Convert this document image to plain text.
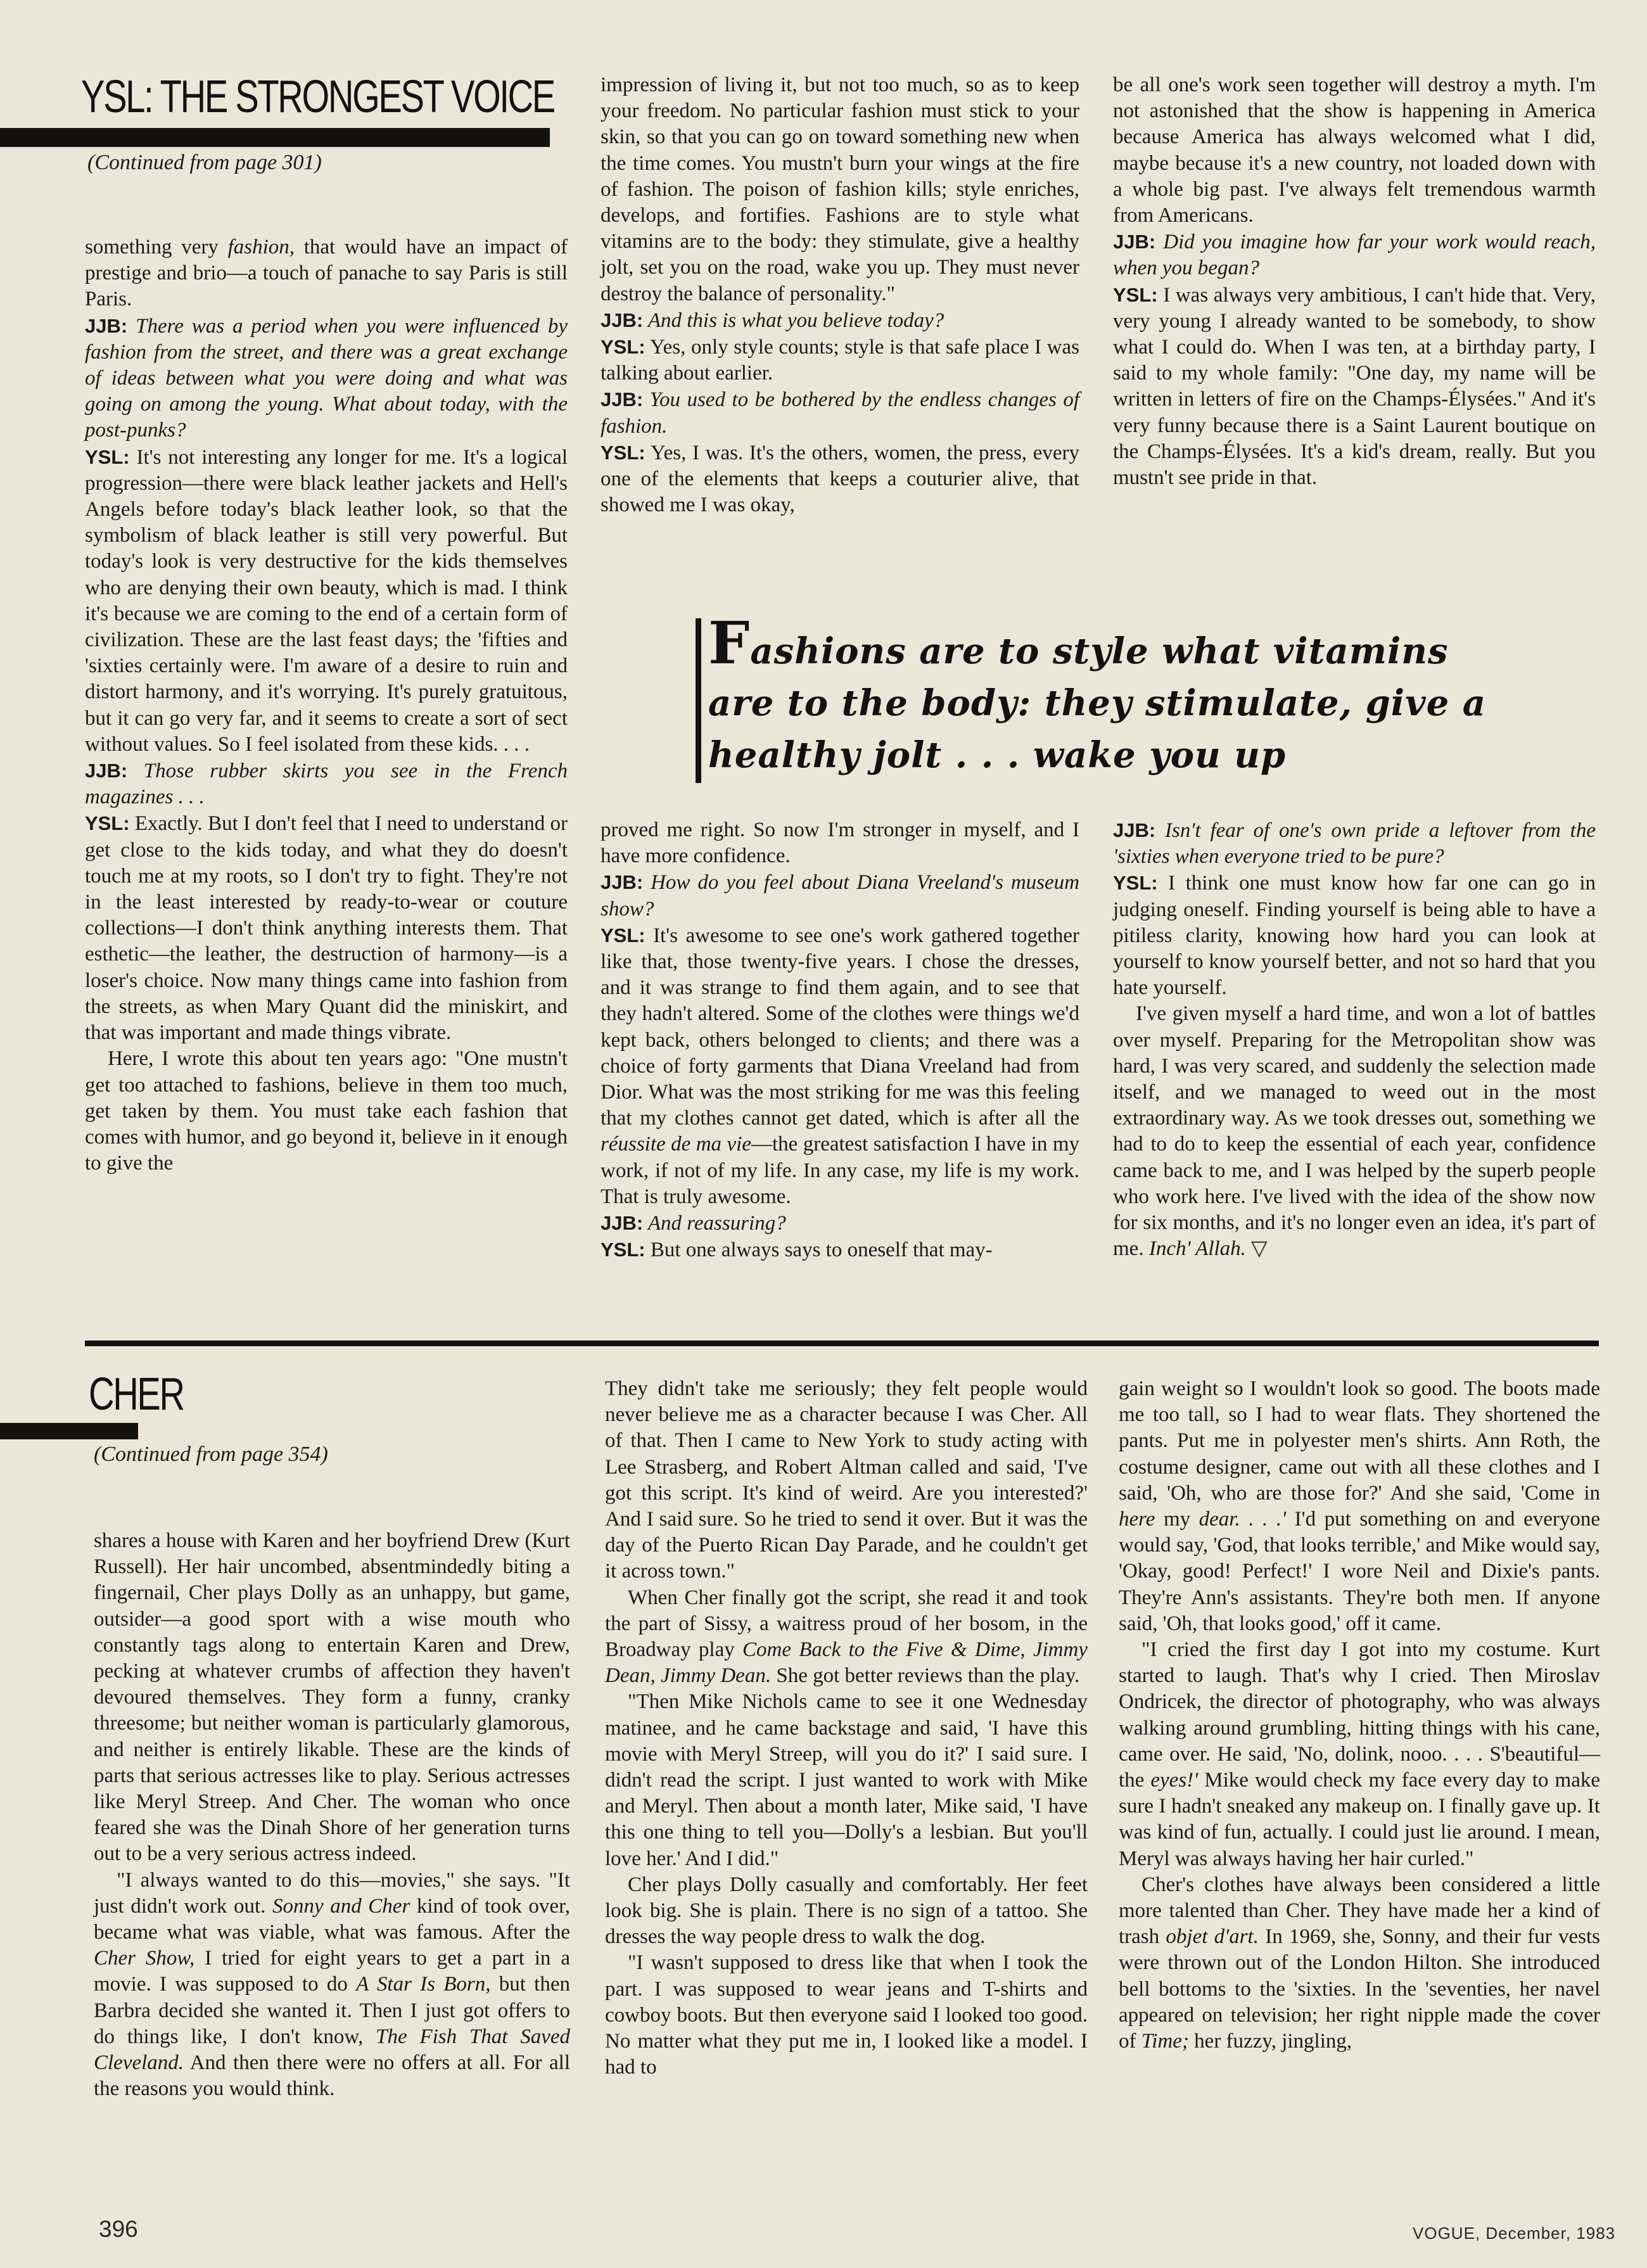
YSL: THE STRONGEST VOICE
(Continued from page 301)

something very fashion, that would have an impact of prestige and brio—a touch of panache to say Paris is still Paris.

JJB: There was a period when you were influenced by fashion from the street, and there was a great exchange of ideas between what you were doing and what was going on among the young. What about today, with the post-punks?

YSL: It's not interesting any longer for me. It's a logical progression—there were black leather jackets and Hell's Angels before today's black leather look, so that the symbolism of black leather is still very powerful. But today's look is very destructive for the kids themselves who are denying their own beauty, which is mad. I think it's because we are coming to the end of a certain form of civilization. These are the last feast days; the 'fifties and 'sixties certainly were. I'm aware of a desire to ruin and distort harmony, and it's worrying. It's purely gratuitous, but it can go very far, and it seems to create a sort of sect without values. So I feel isolated from these kids. . . .

JJB: Those rubber skirts you see in the French magazines . . .

YSL: Exactly. But I don't feel that I need to understand or get close to the kids today, and what they do doesn't touch me at my roots, so I don't try to fight. They're not in the least interested by ready-to-wear or couture collections—I don't think anything interests them. That esthetic—the leather, the destruction of harmony—is a loser's choice. Now many things came into fashion from the streets, as when Mary Quant did the miniskirt, and that was important and made things vibrate.

Here, I wrote this about ten years ago: "One mustn't get too attached to fashions, believe in them too much, get taken by them. You must take each fashion that comes with humor, and go beyond it, believe in it enough to give the

impression of living it, but not too much, so as to keep your freedom. No particular fashion must stick to your skin, so that you can go on toward something new when the time comes. You mustn't burn your wings at the fire of fashion. The poison of fashion kills; style enriches, develops, and fortifies. Fashions are to style what vitamins are to the body: they stimulate, give a healthy jolt, set you on the road, wake you up. They must never destroy the balance of personality."

JJB: And this is what you believe today?

YSL: Yes, only style counts; style is that safe place I was talking about earlier.

JJB: You used to be bothered by the endless changes of fashion.

YSL: Yes, I was. It's the others, women, the press, every one of the elements that keeps a couturier alive, that showed me I was okay,

be all one's work seen together will destroy a myth. I'm not astonished that the show is happening in America because America has always welcomed what I did, maybe because it's a new country, not loaded down with a whole big past. I've always felt tremendous warmth from Americans.

JJB: Did you imagine how far your work would reach, when you began?

YSL: I was always very ambitious, I can't hide that. Very, very young I already wanted to be somebody, to show what I could do. When I was ten, at a birthday party, I said to my whole family: "One day, my name will be written in letters of fire on the Champs-Élysées." And it's very funny because there is a Saint Laurent boutique on the Champs-Élysées. It's a kid's dream, really. But you mustn't see pride in that.

Fashions are to style what vitamins are to the body: they stimulate, give a healthy jolt . . . wake you up

proved me right. So now I'm stronger in myself, and I have more confidence.

JJB: How do you feel about Diana Vreeland's museum show?

YSL: It's awesome to see one's work gathered together like that, those twenty-five years. I chose the dresses, and it was strange to find them again, and to see that they hadn't altered. Some of the clothes were things we'd kept back, others belonged to clients; and there was a choice of forty garments that Diana Vreeland had from Dior. What was the most striking for me was this feeling that my clothes cannot get dated, which is after all the réussite de ma vie—the greatest satisfaction I have in my work, if not of my life. In any case, my life is my work. That is truly awesome.

JJB: And reassuring?

YSL: But one always says to oneself that may-

JJB: Isn't fear of one's own pride a leftover from the 'sixties when everyone tried to be pure?

YSL: I think one must know how far one can go in judging oneself. Finding yourself is being able to have a pitiless clarity, knowing how hard you can look at yourself to know yourself better, and not so hard that you hate yourself.

I've given myself a hard time, and won a lot of battles over myself. Preparing for the Metropolitan show was hard, I was very scared, and suddenly the selection made itself, and we managed to weed out in the most extraordinary way. As we took dresses out, something we had to do to keep the essential of each year, confidence came back to me, and I was helped by the superb people who work here. I've lived with the idea of the show now for six months, and it's no longer even an idea, it's part of me. Inch' Allah. ▽

CHER
(Continued from page 354)

shares a house with Karen and her boyfriend Drew (Kurt Russell). Her hair uncombed, absentmindedly biting a fingernail, Cher plays Dolly as an unhappy, but game, outsider—a good sport with a wise mouth who constantly tags along to entertain Karen and Drew, pecking at whatever crumbs of affection they haven't devoured themselves. They form a funny, cranky threesome; but neither woman is particularly glamorous, and neither is entirely likable. These are the kinds of parts that serious actresses like to play. Serious actresses like Meryl Streep. And Cher. The woman who once feared she was the Dinah Shore of her generation turns out to be a very serious actress indeed.

"I always wanted to do this—movies," she says. "It just didn't work out. Sonny and Cher kind of took over, became what was viable, what was famous. After the Cher Show, I tried for eight years to get a part in a movie. I was supposed to do A Star Is Born, but then Barbra decided she wanted it. Then I just got offers to do things like, I don't know, The Fish That Saved Cleveland. And then there were no offers at all. For all the reasons you would think.

They didn't take me seriously; they felt people would never believe me as a character because I was Cher. All of that. Then I came to New York to study acting with Lee Strasberg, and Robert Altman called and said, 'I've got this script. It's kind of weird. Are you interested?' And I said sure. So he tried to send it over. But it was the day of the Puerto Rican Day Parade, and he couldn't get it across town."

When Cher finally got the script, she read it and took the part of Sissy, a waitress proud of her bosom, in the Broadway play Come Back to the Five & Dime, Jimmy Dean, Jimmy Dean. She got better reviews than the play.

"Then Mike Nichols came to see it one Wednesday matinee, and he came backstage and said, 'I have this movie with Meryl Streep, will you do it?' I said sure. I didn't read the script. I just wanted to work with Mike and Meryl. Then about a month later, Mike said, 'I have this one thing to tell you—Dolly's a lesbian. But you'll love her.' And I did."

Cher plays Dolly casually and comfortably. Her feet look big. She is plain. There is no sign of a tattoo. She dresses the way people dress to walk the dog.

"I wasn't supposed to dress like that when I took the part. I was supposed to wear jeans and T-shirts and cowboy boots. But then everyone said I looked too good. No matter what they put me in, I looked like a model. I had to

gain weight so I wouldn't look so good. The boots made me too tall, so I had to wear flats. They shortened the pants. Put me in polyester men's shirts. Ann Roth, the costume designer, came out with all these clothes and I said, 'Oh, who are those for?' And she said, 'Come in here my dear. . . .' I'd put something on and everyone would say, 'God, that looks terrible,' and Mike would say, 'Okay, good! Perfect!' I wore Neil and Dixie's pants. They're Ann's assistants. They're both men. If anyone said, 'Oh, that looks good,' off it came.

"I cried the first day I got into my costume. Kurt started to laugh. That's why I cried. Then Miroslav Ondricek, the director of photography, who was always walking around grumbling, hitting things with his cane, came over. He said, 'No, dolink, nooo. . . . S'beautiful—the eyes!' Mike would check my face every day to make sure I hadn't sneaked any makeup on. I finally gave up. It was kind of fun, actually. I could just lie around. I mean, Meryl was always having her hair curled."

Cher's clothes have always been considered a little more talented than Cher. They have made her a kind of trash objet d'art. In 1969, she, Sonny, and their fur vests were thrown out of the London Hilton. She introduced bell bottoms to the 'sixties. In the 'seventies, her navel appeared on television; her right nipple made the cover of Time; her fuzzy, jingling,

396	VOGUE, December, 1983
